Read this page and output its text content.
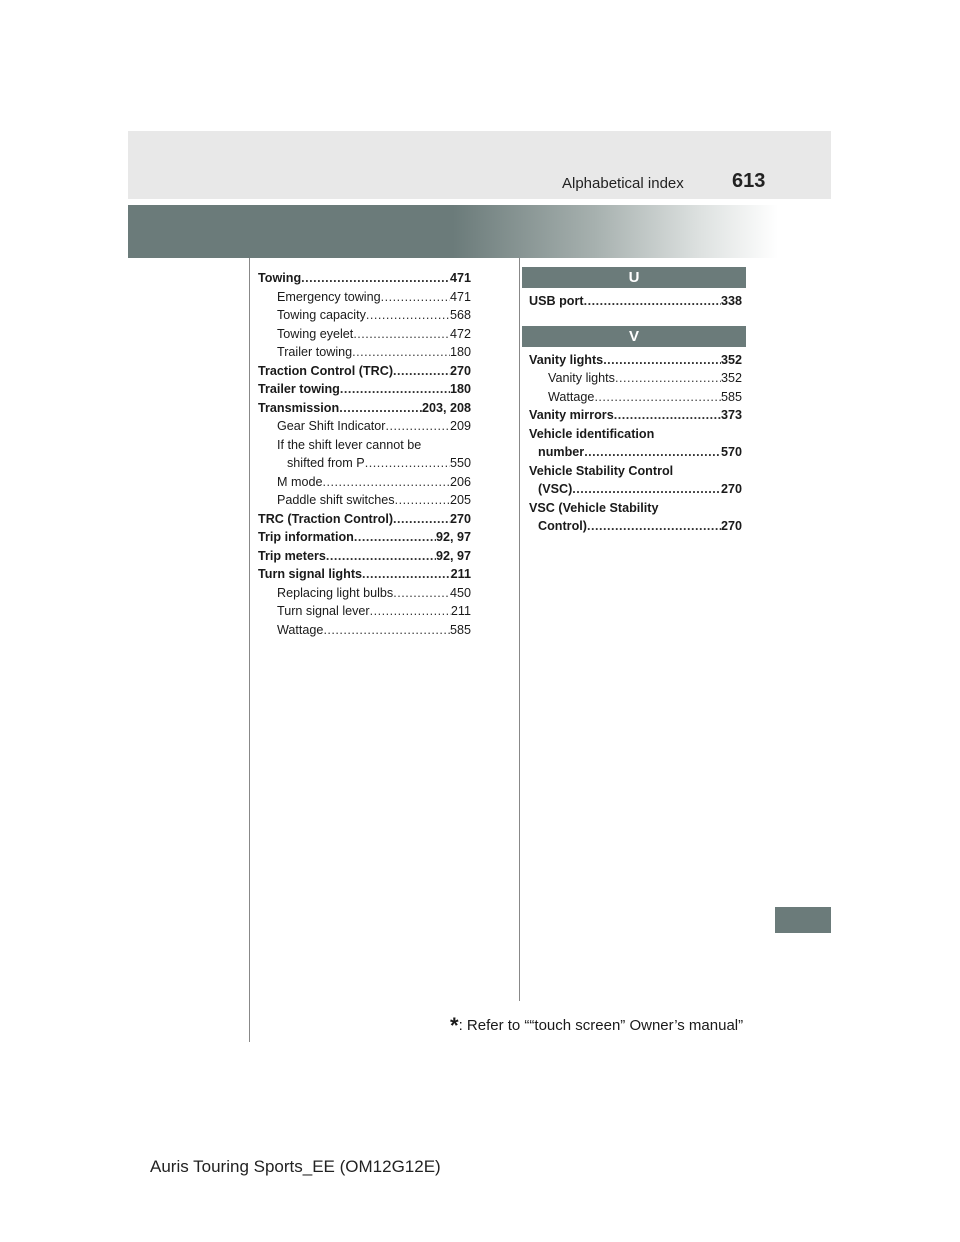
Alphabetical index 613
Towing .....	471
Emergency towing .....	471
Towing capacity .....	568
Towing eyelet .....	472
Trailer towing .....	180
Traction Control (TRC) .....	270
Trailer towing .....	180
Transmission .....	203, 208
Gear Shift Indicator .....	209
If the shift lever cannot be
shifted from P .....	550
M mode .....	206
Paddle shift switches .....	205
TRC (Traction Control) .....	270
Trip information .....	92, 97
Trip meters .....	92, 97
Turn signal lights .....	211
Replacing light bulbs .....	450
Turn signal lever .....	211
Wattage .....	585
U
USB port .....	338
V
Vanity lights .....	352
Vanity lights .....	352
Wattage .....	585
Vanity mirrors .....	373
Vehicle identification
number .....	570
Vehicle Stability Control
(VSC) .....	270
VSC (Vehicle Stability
Control) .....	270
*: Refer to ““touch screen” Owner’s manual”
Auris Touring Sports_EE (OM12G12E)
